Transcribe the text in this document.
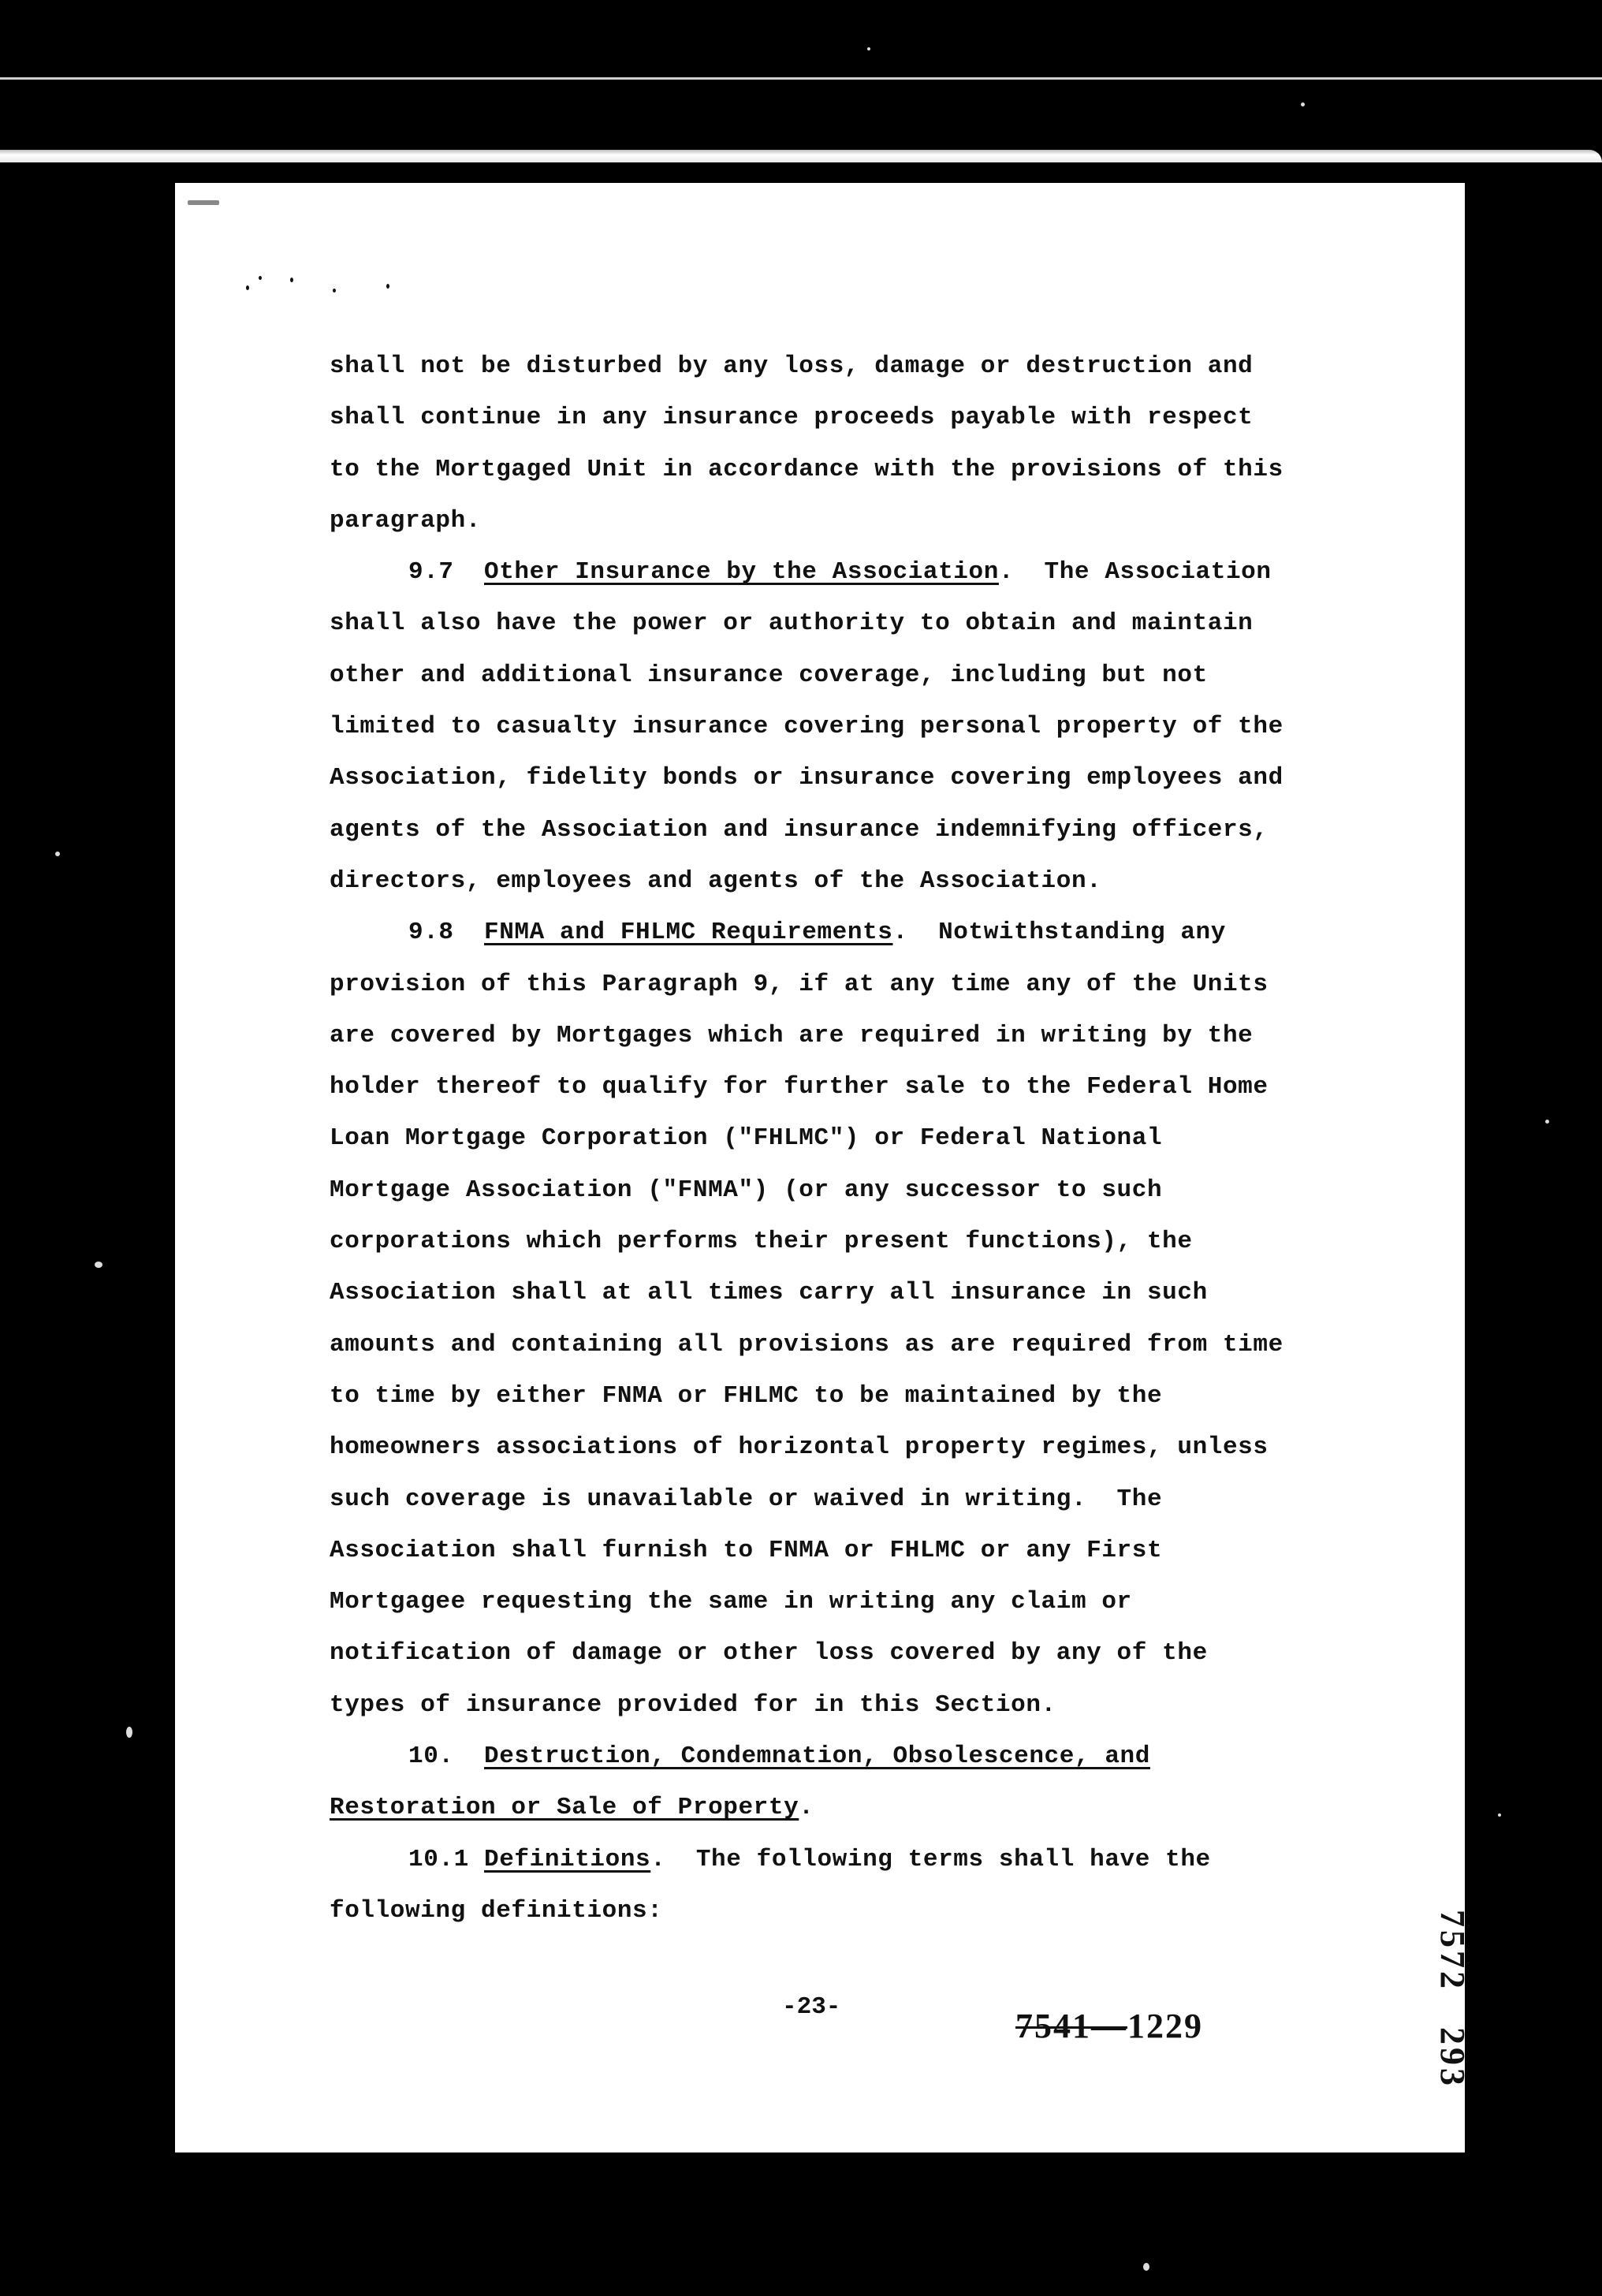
shall not be disturbed by any loss, damage or destruction and
shall continue in any insurance proceeds payable with respect
to the Mortgaged Unit in accordance with the provisions of this
paragraph.
9.7 Other Insurance by the Association.  The Association
shall also have the power or authority to obtain and maintain
other and additional insurance coverage, including but not
limited to casualty insurance covering personal property of the
Association, fidelity bonds or insurance covering employees and
agents of the Association and insurance indemnifying officers,
directors, employees and agents of the Association.
9.8 FNMA and FHLMC Requirements.  Notwithstanding any
provision of this Paragraph 9, if at any time any of the Units
are covered by Mortgages which are required in writing by the
holder thereof to qualify for further sale to the Federal Home
Loan Mortgage Corporation ("FHLMC") or Federal National
Mortgage Association ("FNMA") (or any successor to such
corporations which performs their present functions), the
Association shall at all times carry all insurance in such
amounts and containing all provisions as are required from time
to time by either FNMA or FHLMC to be maintained by the
homeowners associations of horizontal property regimes, unless
such coverage is unavailable or waived in writing.  The
Association shall furnish to FNMA or FHLMC or any First
Mortgagee requesting the same in writing any claim or
notification of damage or other loss covered by any of the
types of insurance provided for in this Section.
10. Destruction, Condemnation, Obsolescence, and
Restoration or Sale of Property.
10.1 Definitions.  The following terms shall have the
following definitions:
-23-	7541—1229	7572   293
